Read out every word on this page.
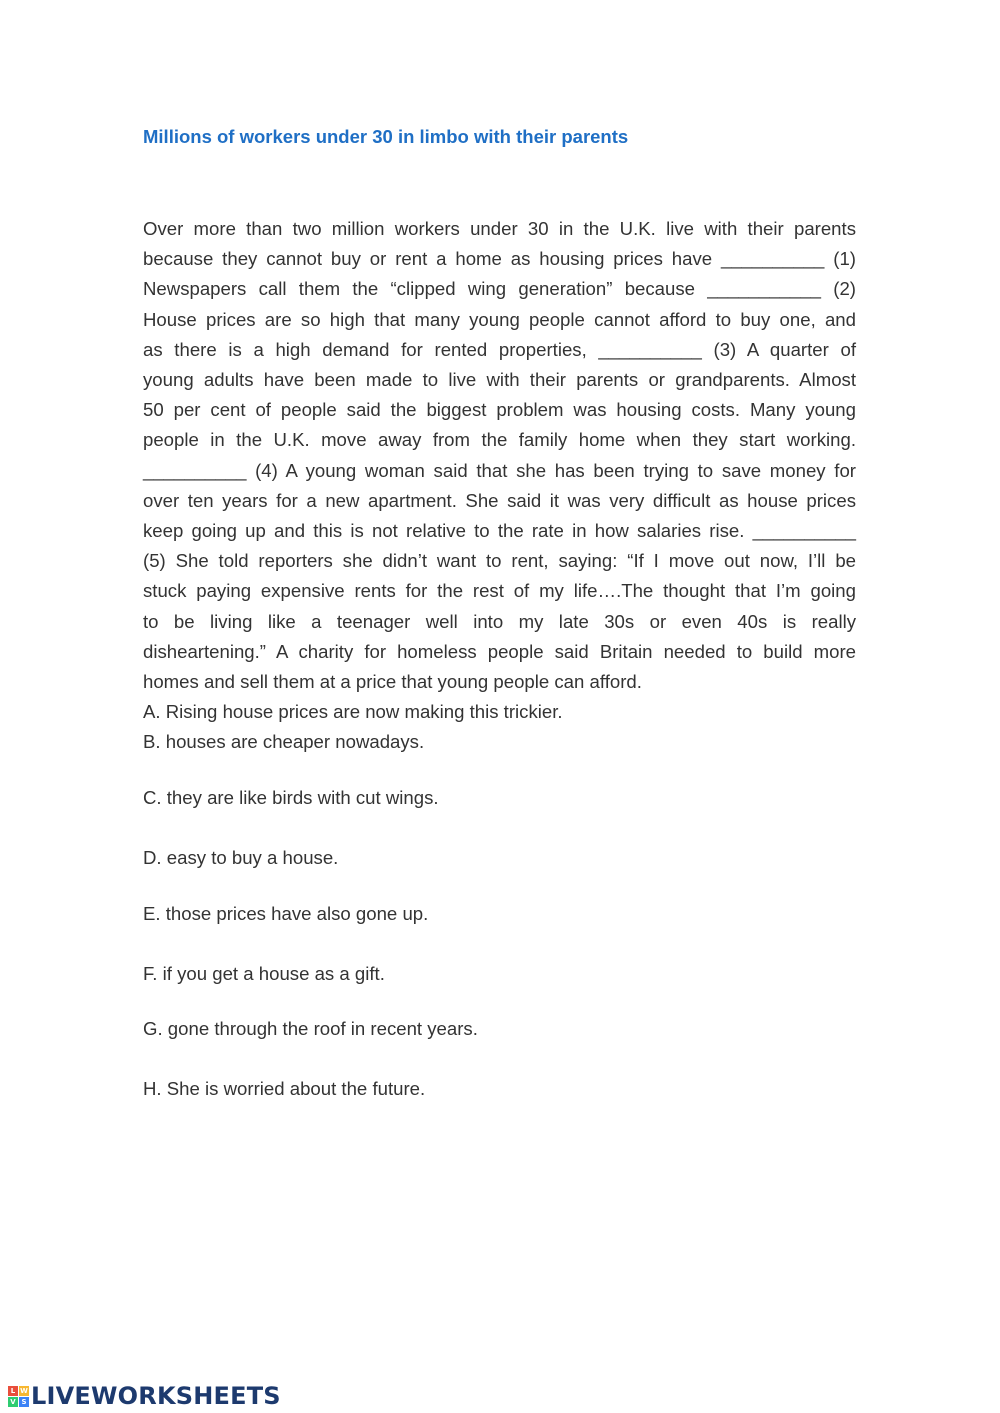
Millions of workers under 30 in limbo with their parents
Over more than two million workers under 30 in the U.K. live with their parents
because they cannot buy or rent a home as housing prices have __________ (1)
Newspapers call them the “clipped wing generation” because ___________ (2)
House prices are so high that many young people cannot afford to buy one, and
as there is a high demand for rented properties, __________ (3) A quarter of
young adults have been made to live with their parents or grandparents. Almost
50 per cent of people said the biggest problem was housing costs. Many young
people in the U.K. move away from the family home when they start working.
__________ (4) A young woman said that she has been trying to save money for
over ten years for a new apartment. She said it was very difficult as house prices
keep going up and this is not relative to the rate in how salaries rise. __________
(5) She told reporters she didn’t want to rent, saying: “If I move out now, I’ll be
stuck paying expensive rents for the rest of my life….The thought that I’m going
to be living like a teenager well into my late 30s or even 40s is really
disheartening.” A charity for homeless people said Britain needed to build more
homes and sell them at a price that young people can afford.
A. Rising house prices are now making this trickier.
B. houses are cheaper nowadays.
C. they are like birds with cut wings.
D. easy to buy a house.
E. those prices have also gone up.
F. if you get a house as a gift.
G. gone through the roof in recent years.
H. She is worried about the future.
L W
V S LIVEWORKSHEETS
